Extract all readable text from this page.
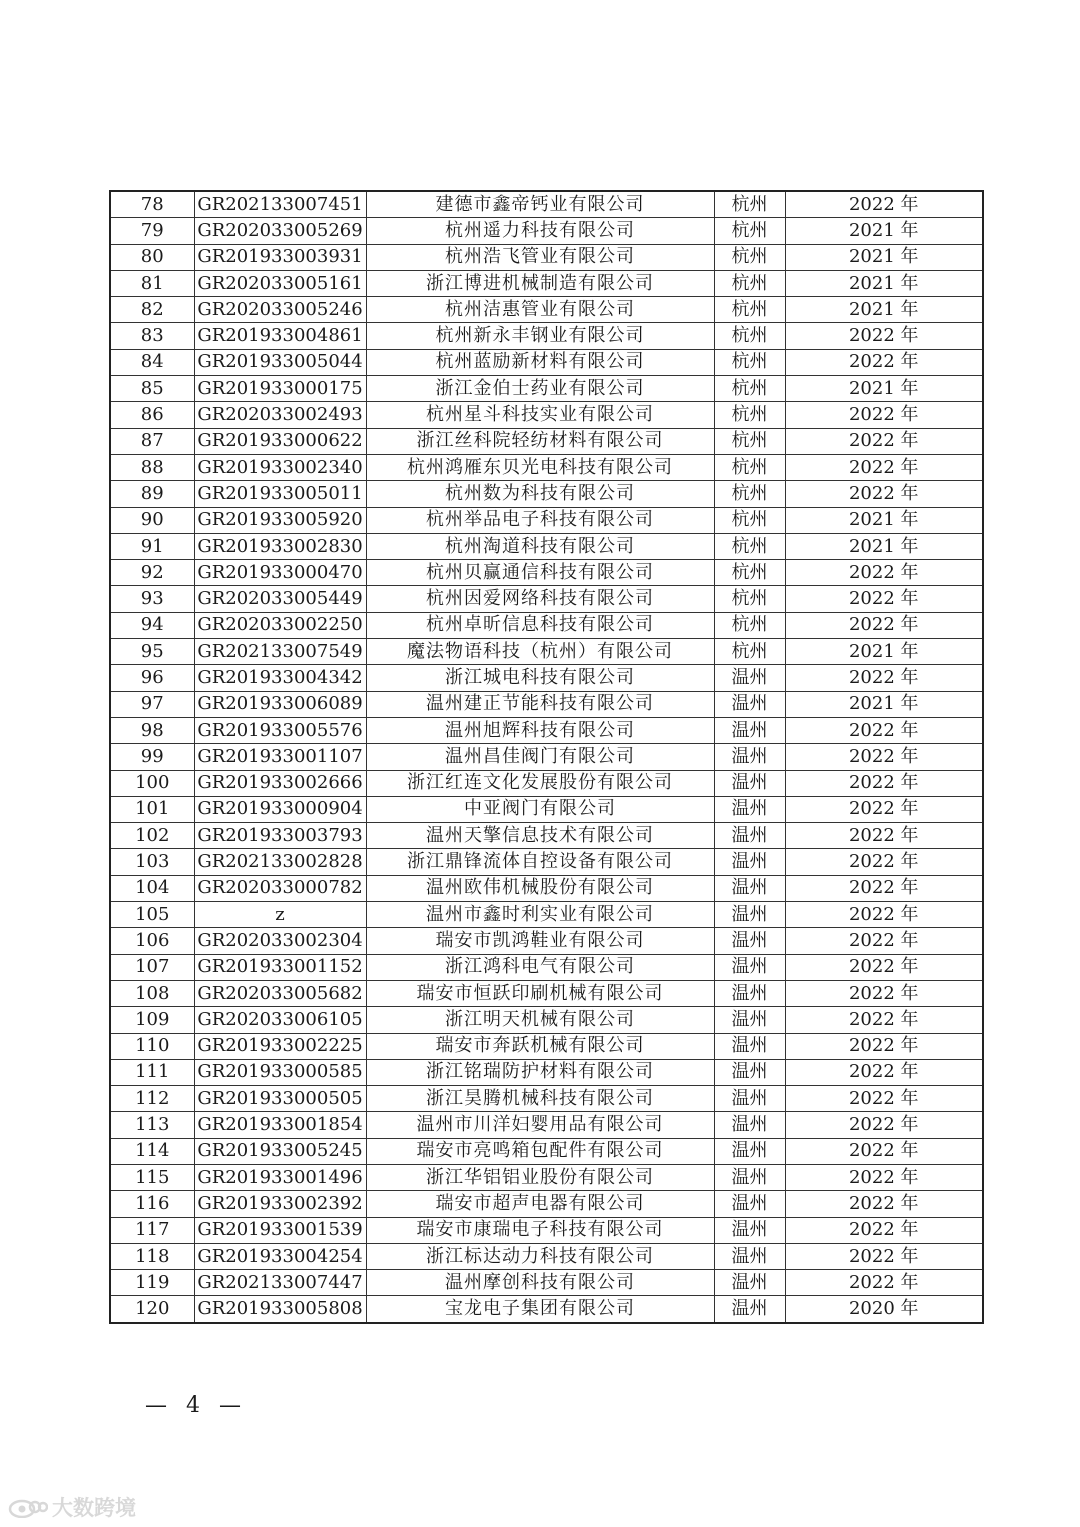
78	GR202133007451	建德市鑫帝钙业有限公司	杭州	2022 年
79	GR202033005269	杭州遥力科技有限公司	杭州	2021 年
80	GR201933003931	杭州浩飞管业有限公司	杭州	2021 年
81	GR202033005161	浙江博进机械制造有限公司	杭州	2021 年
82	GR202033005246	杭州洁惠管业有限公司	杭州	2021 年
83	GR201933004861	杭州新永丰钢业有限公司	杭州	2022 年
84	GR201933005044	杭州蓝励新材料有限公司	杭州	2022 年
85	GR201933000175	浙江金伯士药业有限公司	杭州	2021 年
86	GR202033002493	杭州星斗科技实业有限公司	杭州	2022 年
87	GR201933000622	浙江丝科院轻纺材料有限公司	杭州	2022 年
88	GR201933002340	杭州鸿雁东贝光电科技有限公司	杭州	2022 年
89	GR201933005011	杭州数为科技有限公司	杭州	2022 年
90	GR201933005920	杭州举品电子科技有限公司	杭州	2021 年
91	GR201933002830	杭州淘道科技有限公司	杭州	2021 年
92	GR201933000470	杭州贝赢通信科技有限公司	杭州	2022 年
93	GR202033005449	杭州因爱网络科技有限公司	杭州	2022 年
94	GR202033002250	杭州卓昕信息科技有限公司	杭州	2022 年
95	GR202133007549	魔法物语科技（杭州）有限公司	杭州	2021 年
96	GR201933004342	浙江城电科技有限公司	温州	2022 年
97	GR201933006089	温州建正节能科技有限公司	温州	2021 年
98	GR201933005576	温州旭辉科技有限公司	温州	2022 年
99	GR201933001107	温州昌佳阀门有限公司	温州	2022 年
100	GR201933002666	浙江红连文化发展股份有限公司	温州	2022 年
101	GR201933000904	中亚阀门有限公司	温州	2022 年
102	GR201933003793	温州天擎信息技术有限公司	温州	2022 年
103	GR202133002828	浙江鼎锋流体自控设备有限公司	温州	2022 年
104	GR202033000782	温州欧伟机械股份有限公司	温州	2022 年
105	z	温州市鑫时利实业有限公司	温州	2022 年
106	GR202033002304	瑞安市凯鸿鞋业有限公司	温州	2022 年
107	GR201933001152	浙江鸿科电气有限公司	温州	2022 年
108	GR202033005682	瑞安市恒跃印刷机械有限公司	温州	2022 年
109	GR202033006105	浙江明天机械有限公司	温州	2022 年
110	GR201933002225	瑞安市奔跃机械有限公司	温州	2022 年
111	GR201933000585	浙江铭瑞防护材料有限公司	温州	2022 年
112	GR201933000505	浙江昊腾机械科技有限公司	温州	2022 年
113	GR201933001854	温州市川洋妇婴用品有限公司	温州	2022 年
114	GR201933005245	瑞安市亮鸣箱包配件有限公司	温州	2022 年
115	GR201933001496	浙江华铝铝业股份有限公司	温州	2022 年
116	GR201933002392	瑞安市超声电器有限公司	温州	2022 年
117	GR201933001539	瑞安市康瑞电子科技有限公司	温州	2022 年
118	GR201933004254	浙江标达动力科技有限公司	温州	2022 年
119	GR202133007447	温州摩创科技有限公司	温州	2022 年
120	GR201933005808	宝龙电子集团有限公司	温州	2020 年
— 4 —
大数跨境
